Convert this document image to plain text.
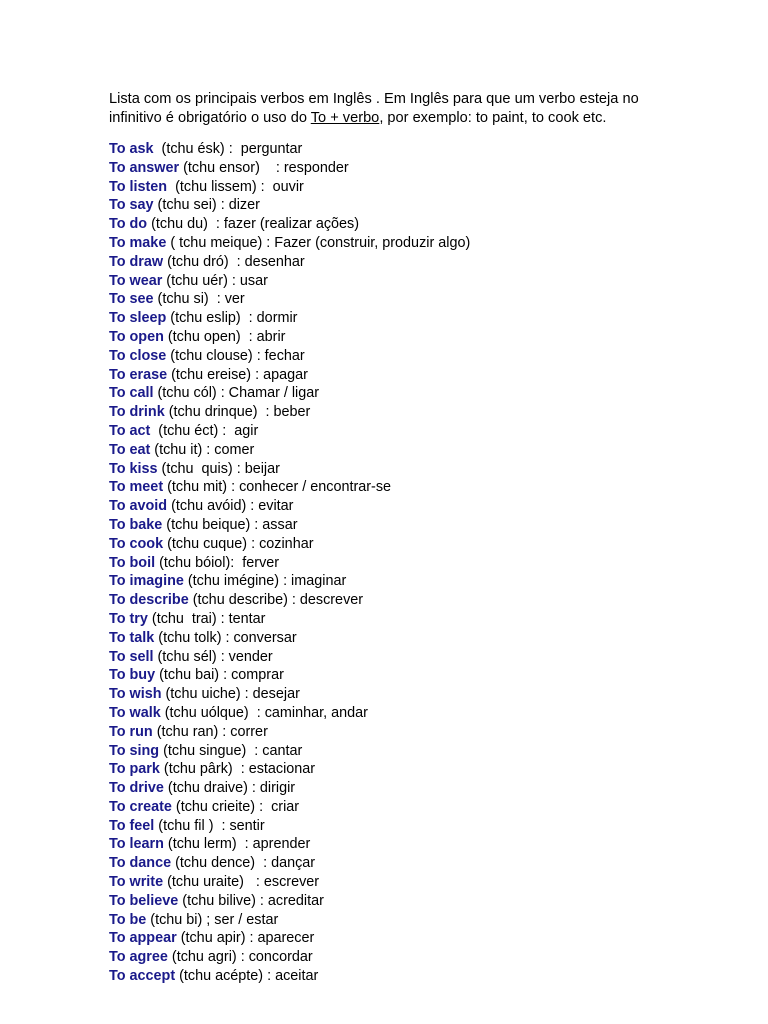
Lista com os principais verbos em Inglês . Em Inglês para que um verbo esteja no infinitivo é obrigatório o uso do To + verbo, por exemplo: to paint, to cook etc.

To ask  (tchu ésk) :  perguntar
To answer (tchu ensor)    : responder
To listen  (tchu lissem) :  ouvir
To say (tchu sei) : dizer
To do (tchu du)  : fazer (realizar ações)
To make ( tchu meique) : Fazer (construir, produzir algo)
To draw (tchu dró)  : desenhar
To wear (tchu uér) : usar
To see (tchu si)  : ver
To sleep (tchu eslip)  : dormir
To open (tchu open)  : abrir
To close (tchu clouse) : fechar
To erase (tchu ereise) : apagar
To call (tchu cól) : Chamar / ligar
To drink (tchu drinque)  : beber
To act  (tchu éct) :  agir
To eat (tchu it) : comer
To kiss (tchu  quis) : beijar
To meet (tchu mit) : conhecer / encontrar-se
To avoid (tchu avóid) : evitar
To bake (tchu beique) : assar
To cook (tchu cuque) : cozinhar
To boil (tchu bóiol):  ferver
To imagine (tchu imégine) : imaginar
To describe (tchu describe) : descrever
To try (tchu  trai) : tentar
To talk (tchu tolk) : conversar
To sell (tchu sél) : vender
To buy (tchu bai) : comprar
To wish (tchu uiche) : desejar
To walk (tchu uólque)  : caminhar, andar
To run (tchu ran) : correr
To sing (tchu singue)  : cantar
To park (tchu pârk)  : estacionar
To drive (tchu draive) : dirigir
To create (tchu crieite) :  criar
To feel (tchu fil )  : sentir
To learn (tchu lerm)  : aprender
To dance (tchu dence)  : dançar
To write (tchu uraite)   : escrever
To believe (tchu bilive) : acreditar
To be (tchu bi) ; ser / estar
To appear (tchu apir) : aparecer
To agree (tchu agri) : concordar
To accept (tchu acépte) : aceitar
